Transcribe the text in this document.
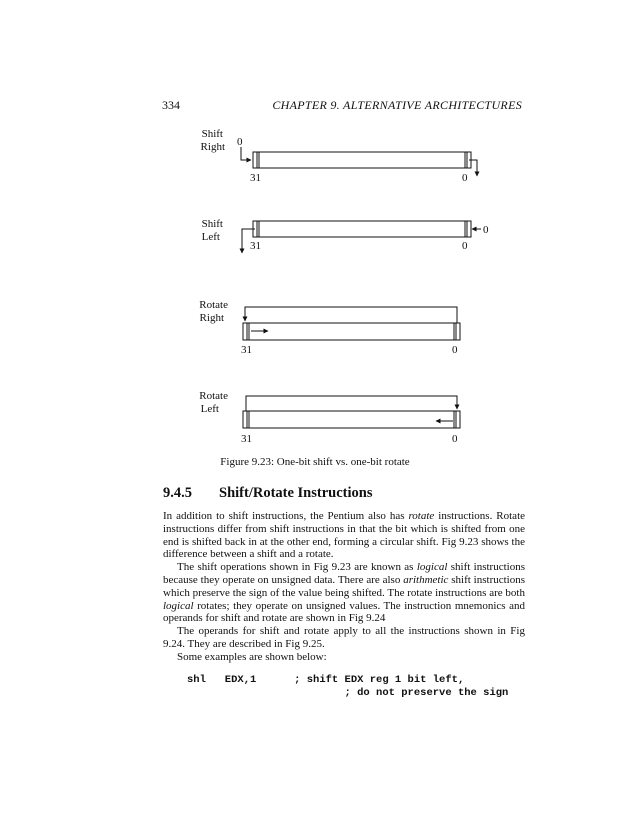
334	CHAPTER 9. ALTERNATIVE ARCHITECTURES
Shift
Right 0
31	0
Shift
Left
0
31	0
Rotate
Right
31	0
Rotate
Left
31	0
Figure 9.23: One-bit shift vs. one-bit rotate
9.4.5 Shift/Rotate Instructions

In addition to shift instructions, the Pentium also has rotate instructions. Rotate instructions differ from shift instructions in that the bit which is shifted from one end is shifted back in at the other end, forming a circular shift. Fig 9.23 shows the difference between a shift and a rotate.

The shift operations shown in Fig 9.23 are known as logical shift instructions because they operate on unsigned data. There are also arithmetic shift instructions which preserve the sign of the value being shifted. The rotate instructions are both logical rotates; they operate on unsigned values. The instruction mnemonics and operands for shift and rotate are shown in Fig 9.24

The operands for shift and rotate apply to all the instructions shown in Fig 9.24. They are described in Fig 9.25.

Some examples are shown below:

shl   EDX,1      ; shift EDX reg 1 bit left,
; do not preserve the sign
